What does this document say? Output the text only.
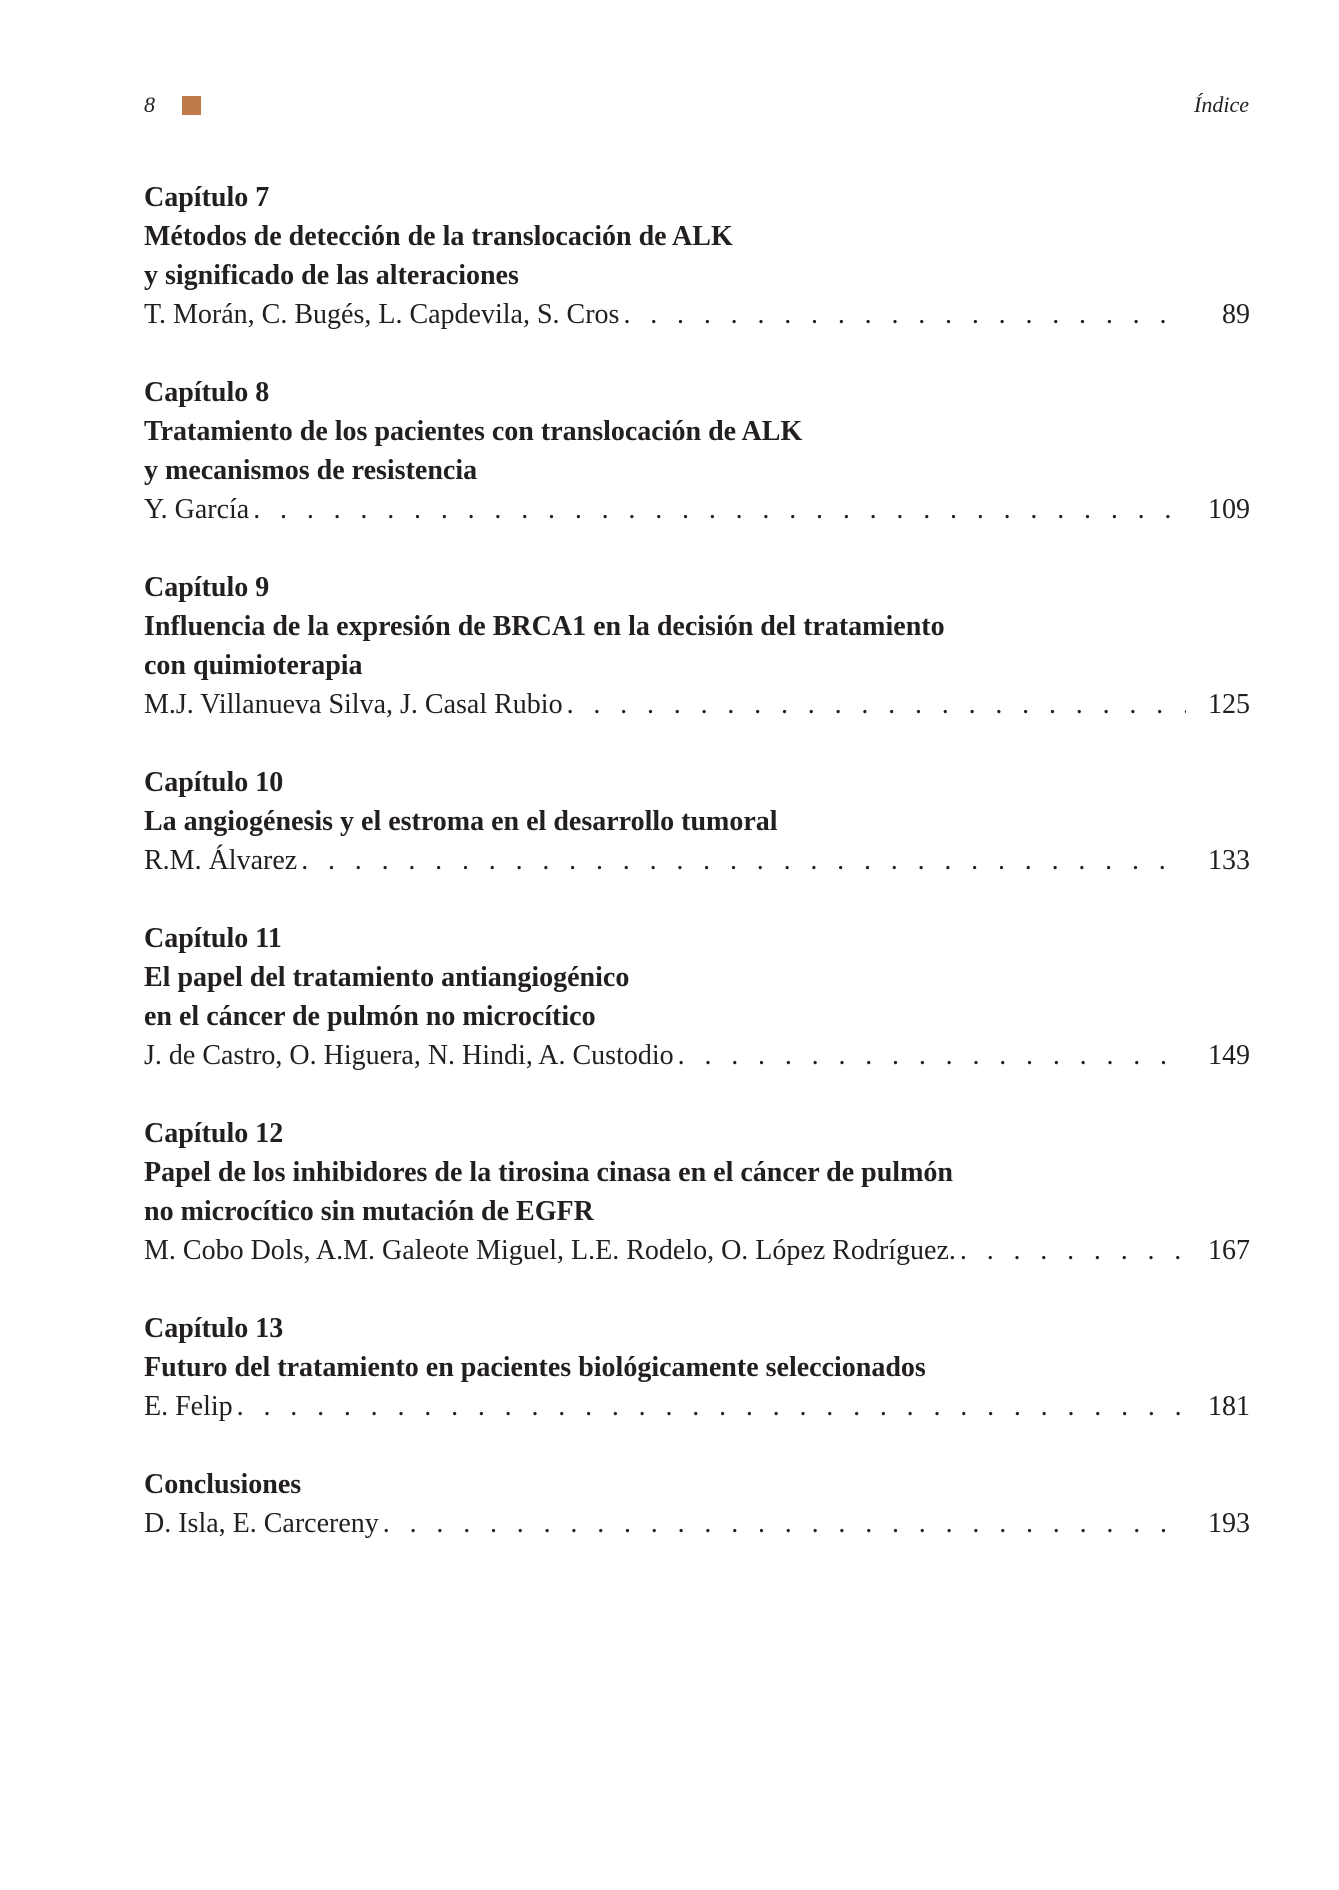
8	Índice
Capítulo 7
Métodos de detección de la translocación de ALK
y significado de las alteraciones
T. Morán, C. Bugés, L. Capdevila, S. Cros . . .	89
Capítulo 8
Tratamiento de los pacientes con translocación de ALK
y mecanismos de resistencia
Y. García . . .	109
Capítulo 9
Influencia de la expresión de BRCA1 en la decisión del tratamiento
con quimioterapia
M.J. Villanueva Silva, J. Casal Rubio . . .	125
Capítulo 10
La angiogénesis y el estroma en el desarrollo tumoral
R.M. Álvarez . . .	133
Capítulo 11
El papel del tratamiento antiangiogénico
en el cáncer de pulmón no microcítico
J. de Castro, O. Higuera, N. Hindi, A. Custodio . . .	149
Capítulo 12
Papel de los inhibidores de la tirosina cinasa en el cáncer de pulmón
no microcítico sin mutación de EGFR
M. Cobo Dols, A.M. Galeote Miguel, L.E. Rodelo, O. López Rodríguez. . . .	167
Capítulo 13
Futuro del tratamiento en pacientes biológicamente seleccionados
E. Felip . . .	181
Conclusiones
D. Isla, E. Carcereny . . .	193
